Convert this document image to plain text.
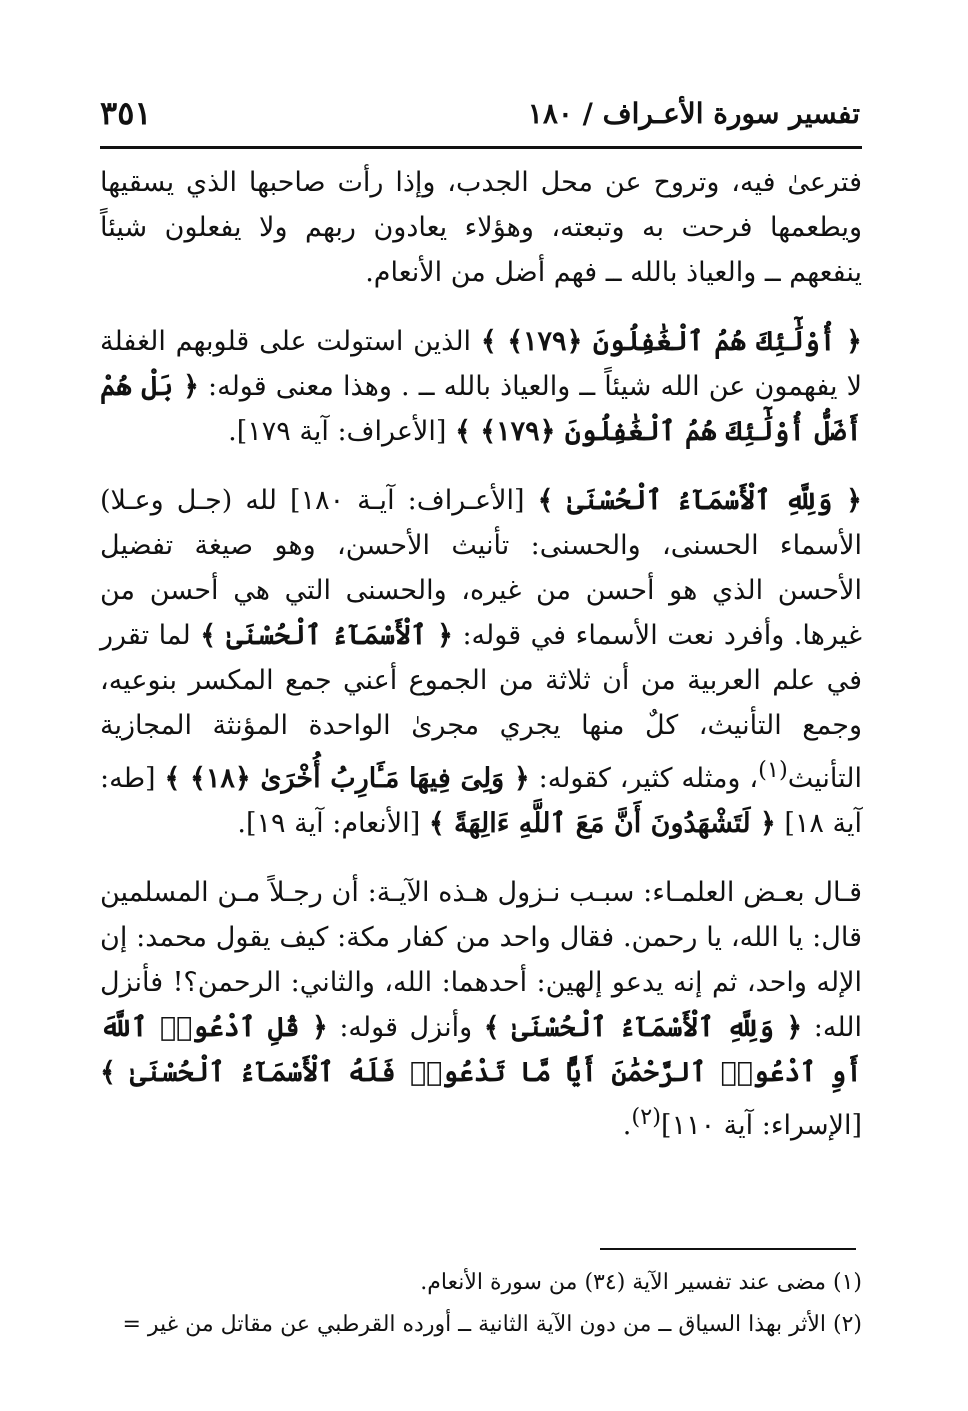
تفسير سورة الأعـراف / ١٨٠
٣٥١

فترعىٰ فيه، وتروح عن محل الجدب، وإذا رأت صاحبها الذي يسقيها ويطعمها فرحت به وتبعته، وهؤلاء يعادون ربهم ولا يفعلون شيئاً ينفعهم ــ والعياذ بالله ــ فهم أضل من الأنعام.

﴿ أُوْلَٰٓئِكَ هُمُ ٱلْغَٰفِلُونَ ﴿١٧٩﴾ ﴾ الذين استولت على قلوبهم الغفلة لا يفهمون عن الله شيئاً ــ والعياذ بالله ــ . وهذا معنى قوله: ﴿ بَلْ هُمْ أَضَلُّ أُوْلَٰٓئِكَ هُمُ ٱلْغَٰفِلُونَ ﴿١٧٩﴾ ﴾ [الأعراف: آية ١٧٩].

﴿ وَلِلَّهِ ٱلْأَسْمَآءُ ٱلْحُسْنَىٰ ﴾ [الأعـراف: آيـة ١٨٠] لله (جـل وعـلا) الأسماء الحسنى، والحسنى: تأنيث الأحسن، وهو صيغة تفضيل الأحسن الذي هو أحسن من غيره، والحسنى التي هي أحسن من غيرها. وأفرد نعت الأسماء في قوله: ﴿ ٱلْأَسْمَآءُ ٱلْحُسْنَىٰ ﴾ لما تقرر في علم العربية من أن ثلاثة من الجموع أعني جمع المكسر بنوعيه، وجمع التأنيث، كلٌ منها يجري مجرىٰ الواحدة المؤنثة المجازية التأنيث$^{(١)}$، ومثله كثير، كقوله: ﴿ وَلِىَ فِيهَا مَـَٔارِبُ أُخْرَىٰ ﴿١٨﴾ ﴾ [طه: آية ١٨] ﴿ لَتَشْهَدُونَ أَنَّ مَعَ ٱللَّهِ ءَالِهَةً ﴾ [الأنعام: آية ١٩].

قـال بعـض العلمـاء: سبـب نـزول هـذه الآيـة: أن رجـلاً مـن المسلمين قال: يا الله، يا رحمن. فقال واحد من كفار مكة: كيف يقول محمد: إن الإله واحد، ثم إنه يدعو إلهين: أحدهما: الله، والثاني: الرحمن؟! فأنزل الله: ﴿ وَلِلَّهِ ٱلْأَسْمَآءُ ٱلْحُسْنَىٰ ﴾ وأنزل قوله: ﴿ قُلِ ٱدْعُوا۟ ٱللَّهَ أَوِ ٱدْعُوا۟ ٱلرَّحْمَٰنَ أَيًّا مَّا تَدْعُوا۟ فَلَهُ ٱلْأَسْمَآءُ ٱلْحُسْنَىٰ ﴾ [الإسراء: آية ١١٠]$^{(٢)}$.

(١) مضى عند تفسير الآية (٣٤) من سورة الأنعام.

(٢) الأثر بهذا السياق ــ من دون الآية الثانية ــ أورده القرطبي عن مقاتل من غير =
